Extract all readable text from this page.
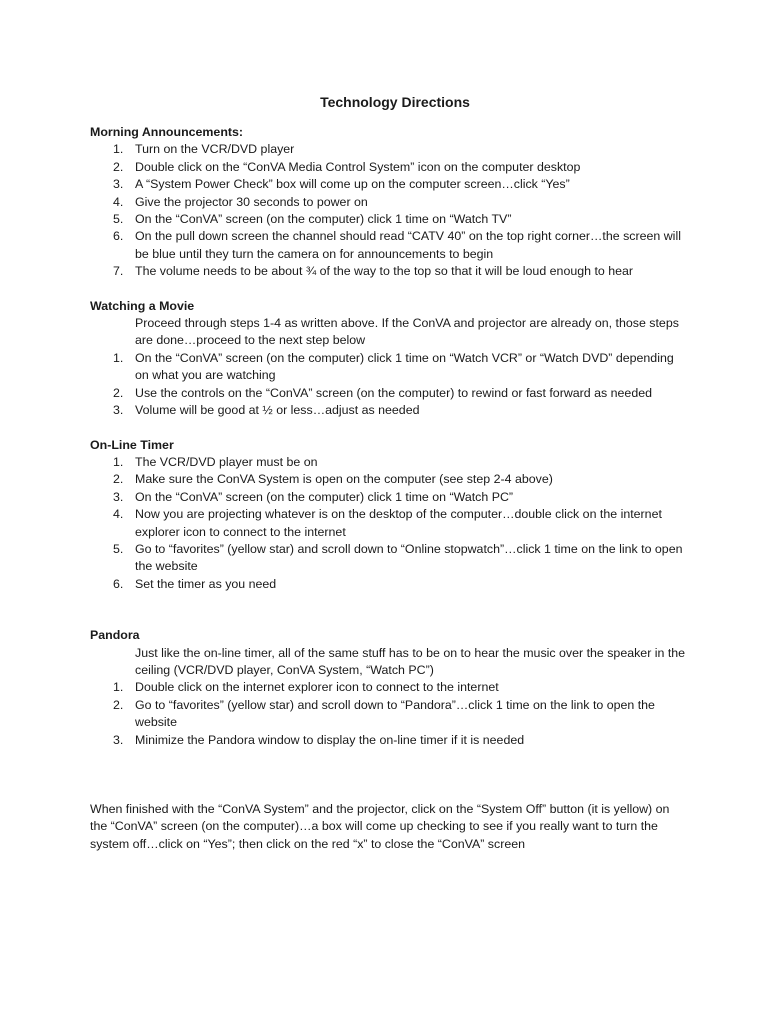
Technology Directions
Morning Announcements:
1. Turn on the VCR/DVD player
2. Double click on the “ConVA Media Control System” icon on the computer desktop
3. A “System Power Check” box will come up on the computer screen…click “Yes”
4. Give the projector 30 seconds to power on
5. On the “ConVA” screen (on the computer) click 1 time on “Watch TV”
6. On the pull down screen the channel should read “CATV 40” on the top right corner…the screen will be blue until they turn the camera on for announcements to begin
7. The volume needs to be about ¾ of the way to the top so that it will be loud enough to hear
Watching a Movie
Proceed through steps 1-4 as written above. If the ConVA and projector are already on, those steps are done…proceed to the next step below
1. On the “ConVA” screen (on the computer) click 1 time on “Watch VCR” or “Watch DVD” depending on what you are watching
2. Use the controls on the “ConVA” screen (on the computer) to rewind or fast forward as needed
3. Volume will be good at ½ or less…adjust as needed
On-Line Timer
1. The VCR/DVD player must be on
2. Make sure the ConVA System is open on the computer (see step 2-4 above)
3. On the “ConVA” screen (on the computer) click 1 time on “Watch PC”
4. Now you are projecting whatever is on the desktop of the computer…double click on the internet explorer icon to connect to the internet
5. Go to “favorites” (yellow star) and scroll down to “Online stopwatch”…click 1 time on the link to open the website
6. Set the timer as you need
Pandora
Just like the on-line timer, all of the same stuff has to be on to hear the music over the speaker in the ceiling (VCR/DVD player, ConVA System, “Watch PC”)
1. Double click on the internet explorer icon to connect to the internet
2. Go to “favorites” (yellow star) and scroll down to “Pandora”…click 1 time on the link to open the website
3. Minimize the Pandora window to display the on-line timer if it is needed

When finished with the “ConVA System” and the projector, click on the “System Off” button (it is yellow) on the “ConVA” screen (on the computer)…a box will come up checking to see if you really want to turn the system off…click on “Yes”; then click on the red “x” to close the “ConVA” screen
